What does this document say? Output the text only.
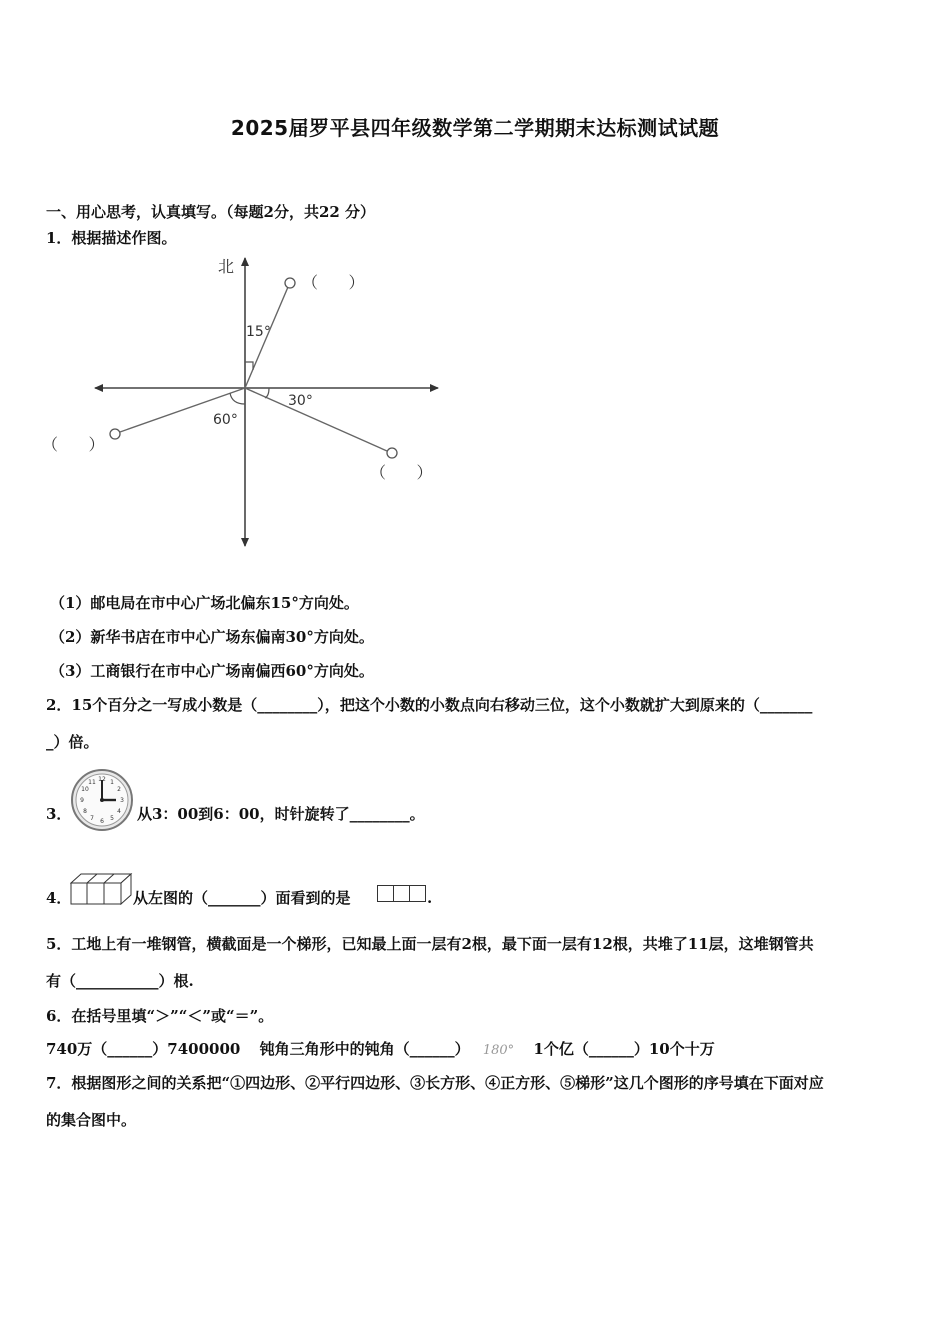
2025届罗平县四年级数学第二学期期末达标测试试题
一、用心思考，认真填写。（每题2分，共22 分）
1．根据描述作图。
北
15°
（      ）
30°
（      ）
60°
（      ）
（1）邮电局在市中心广场北偏东15°方向处。
（2）新华书店在市中心广场东偏南30°方向处。
（3）工商银行在市中心广场南偏西60°方向处。
2．15个百分之一写成小数是（________），把这个小数的小数点向右移动三位，这个小数就扩大到原来的（_______
_）倍。
3．
12 1
2
3
4
5
6
7
8
9
10
11
从3：00到6：00，时针旋转了________。
4．	从左图的（_______）面看到的是	.
5．工地上有一堆钢管，横截面是一个梯形，已知最上面一层有2根，最下面一层有12根，共堆了11层，这堆钢管共
有（___________）根.
6．在括号里填“＞”“＜”或“＝”。
740万（______）7400000 钝角三角形中的钝角（______） 180° 1个亿（______）10个十万
7．根据图形之间的关系把“①四边形、②平行四边形、③长方形、④正方形、⑤梯形”这几个图形的序号填在下面对应
的集合图中。
